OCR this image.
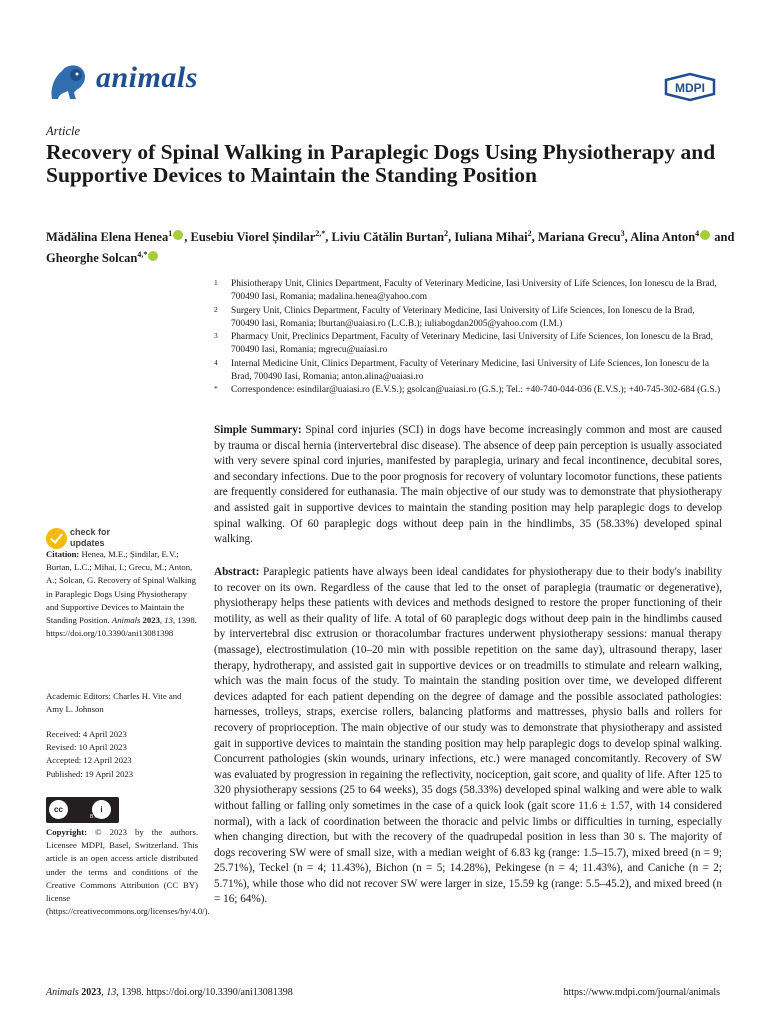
animals	MDPI
Article
Recovery of Spinal Walking in Paraplegic Dogs Using Physiotherapy and Supportive Devices to Maintain the Standing Position
Mădălina Elena Henea$^1$ , Eusebiu Viorel Șindilar$^{2,*}$, Liviu Cătălin Burtan$^2$, Iuliana Mihai$^2$, Mariana Grecu$^3$, Alina Anton$^4$ and Gheorghe Solcan$^{4,*}$
1 Phisiotherapy Unit, Clinics Department, Faculty of Veterinary Medicine, Iasi University of Life Sciences, Ion Ionescu de la Brad, 700490 Iasi, Romania; madalina.henea@yahoo.com
2 Surgery Unit, Clinics Department, Faculty of Veterinary Medicine, Iasi University of Life Sciences, Ion Ionescu de la Brad, 700490 Iasi, Romania; lburtan@uaiasi.ro (L.C.B.); iuliabogdan2005@yahoo.com (I.M.)
3 Pharmacy Unit, Preclinics Department, Faculty of Veterinary Medicine, Iasi University of Life Sciences, Ion Ionescu de la Brad, 700490 Iasi, Romania; mgrecu@uaiasi.ro
4 Internal Medicine Unit, Clinics Department, Faculty of Veterinary Medicine, Iasi University of Life Sciences, Ion Ionescu de la Brad, 700490 Iasi, Romania; anton.alina@uaiasi.ro
* Correspondence: esindilar@uaiasi.ro (E.V.S.); gsolcan@uaiasi.ro (G.S.); Tel.: +40-740-044-036 (E.V.S.); +40-745-302-684 (G.S.)
Simple Summary: Spinal cord injuries (SCI) in dogs have become increasingly common and most are caused by trauma or discal hernia (intervertebral disc disease). The absence of deep pain perception is usually associated with very severe spinal cord injuries, manifested by paraplegia, urinary and fecal incontinence, decubital sores, and secondary infections. Due to the poor prognosis for recovery of voluntary locomotor functions, these patients are frequently considered for euthanasia. The main objective of our study was to demonstrate that physiotherapy and assisted gait in supportive devices to maintain the standing position may help paraplegic dogs to develop spinal walking. Of 60 paraplegic dogs without deep pain in the hindlimbs, 35 (58.33%) developed spinal walking.
Abstract: Paraplegic patients have always been ideal candidates for physiotherapy due to their body's inability to recover on its own. Regardless of the cause that led to the onset of paraplegia (traumatic or degenerative), physiotherapy helps these patients with devices and methods designed to restore the proper functioning of their motility, as well as their quality of life. A total of 60 paraplegic dogs without deep pain in the hindlimbs caused by intervertebral disc extrusion or thoracolumbar fractures underwent physiotherapy sessions: manual therapy (massage), electrostimulation (10–20 min with possible repetition on the same day), ultrasound therapy, laser therapy, hydrotherapy, and assisted gait in supportive devices or on treadmills to stimulate and relearn walking, which was the main focus of the study. To maintain the standing position over time, we developed different devices adapted for each patient depending on the degree of damage and the possible associated pathologies: harnesses, trolleys, straps, exercise rollers, balancing platforms and mattresses, physio balls and rollers for recovery of proprioception. The main objective of our study was to demonstrate that physiotherapy and assisted gait in supportive devices to maintain the standing position may help paraplegic dogs to develop spinal walking. Concurrent pathologies (skin wounds, urinary infections, etc.) were managed concomitantly. Recovery of SW was evaluated by progression in regaining the reflectivity, nociception, gait score, and quality of life. After 125 to 320 physiotherapy sessions (25 to 64 weeks), 35 dogs (58.33%) developed spinal walking and were able to walk without falling or falling only sometimes in the case of a quick look (gait score 11.6 ± 1.57, with 14 considered normal), with a lack of coordination between the thoracic and pelvic limbs or difficulties in turning, especially when changing direction, but with the recovery of the quadrupedal position in less than 30 s. The majority of dogs recovering SW were of small size, with a median weight of 6.83 kg (range: 1.5–15.7), mixed breed (n = 9; 25.71%), Teckel (n = 4; 11.43%), Bichon (n = 5; 14.28%), Pekingese (n = 4; 11.43%), and Caniche (n = 2; 5.71%), while those who did not recover SW were larger in size, 15.59 kg (range: 5.5–45.2), and mixed breed (n = 16; 64%).
check for
updates
Citation: Henea, M.E.; Șindilar, E.V.; Burtan, L.C.; Mihai, I.; Grecu, M.; Anton, A.; Solcan, G. Recovery of Spinal Walking in Paraplegic Dogs Using Physiotherapy and Supportive Devices to Maintain the Standing Position. Animals 2023, 13, 1398. https://doi.org/10.3390/ani13081398
Academic Editors: Charles H. Vite and Amy L. Johnson
Received: 4 April 2023
Revised: 10 April 2023
Accepted: 12 April 2023
Published: 19 April 2023
cc	i
BY
Copyright: © 2023 by the authors. Licensee MDPI, Basel, Switzerland. This article is an open access article distributed under the terms and conditions of the Creative Commons Attribution (CC BY) license (https://creativecommons.org/licenses/by/4.0/).
Animals 2023, 13, 1398. https://doi.org/10.3390/ani13081398	https://www.mdpi.com/journal/animals
